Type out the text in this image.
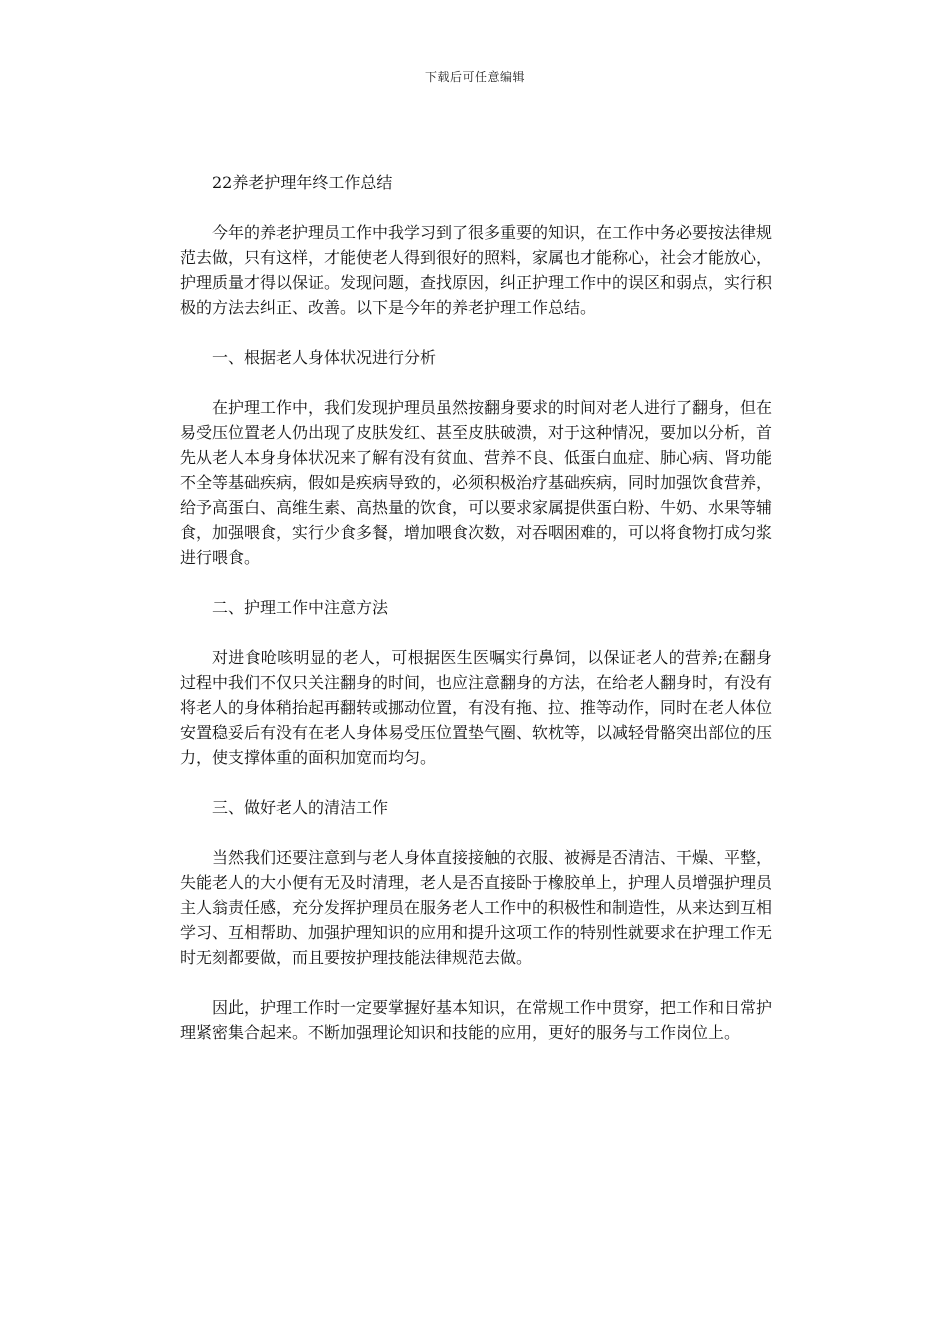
下载后可任意编辑
22养老护理年终工作总结

今年的养老护理员工作中我学习到了很多重要的知识，在工作中务必要按法律规范去做，只有这样，才能使老人得到很好的照料，家属也才能称心，社会才能放心，护理质量才得以保证。发现问题，查找原因，纠正护理工作中的误区和弱点，实行积极的方法去纠正、改善。以下是今年的养老护理工作总结。

一、根据老人身体状况进行分析

在护理工作中，我们发现护理员虽然按翻身要求的时间对老人进行了翻身，但在易受压位置老人仍出现了皮肤发红、甚至皮肤破溃，对于这种情况，要加以分析，首先从老人本身身体状况来了解有没有贫血、营养不良、低蛋白血症、肺心病、肾功能不全等基础疾病，假如是疾病导致的，必须积极治疗基础疾病，同时加强饮食营养，给予高蛋白、高维生素、高热量的饮食，可以要求家属提供蛋白粉、牛奶、水果等辅食，加强喂食，实行少食多餐，增加喂食次数，对吞咽困难的，可以将食物打成匀浆进行喂食。

二、护理工作中注意方法

对进食呛咳明显的老人，可根据医生医嘱实行鼻饲，以保证老人的营养;在翻身过程中我们不仅只关注翻身的时间，也应注意翻身的方法，在给老人翻身时，有没有将老人的身体稍抬起再翻转或挪动位置，有没有拖、拉、推等动作，同时在老人体位安置稳妥后有没有在老人身体易受压位置垫气圈、软枕等，以减轻骨骼突出部位的压力，使支撑体重的面积加宽而均匀。

三、做好老人的清洁工作

当然我们还要注意到与老人身体直接接触的衣服、被褥是否清洁、干燥、平整，失能老人的大小便有无及时清理，老人是否直接卧于橡胶单上，护理人员增强护理员主人翁责任感，充分发挥护理员在服务老人工作中的积极性和制造性，从来达到互相学习、互相帮助、加强护理知识的应用和提升这项工作的特别性就要求在护理工作无时无刻都要做，而且要按护理技能法律规范去做。

因此，护理工作时一定要掌握好基本知识，在常规工作中贯穿，把工作和日常护理紧密集合起来。不断加强理论知识和技能的应用，更好的服务与工作岗位上。
